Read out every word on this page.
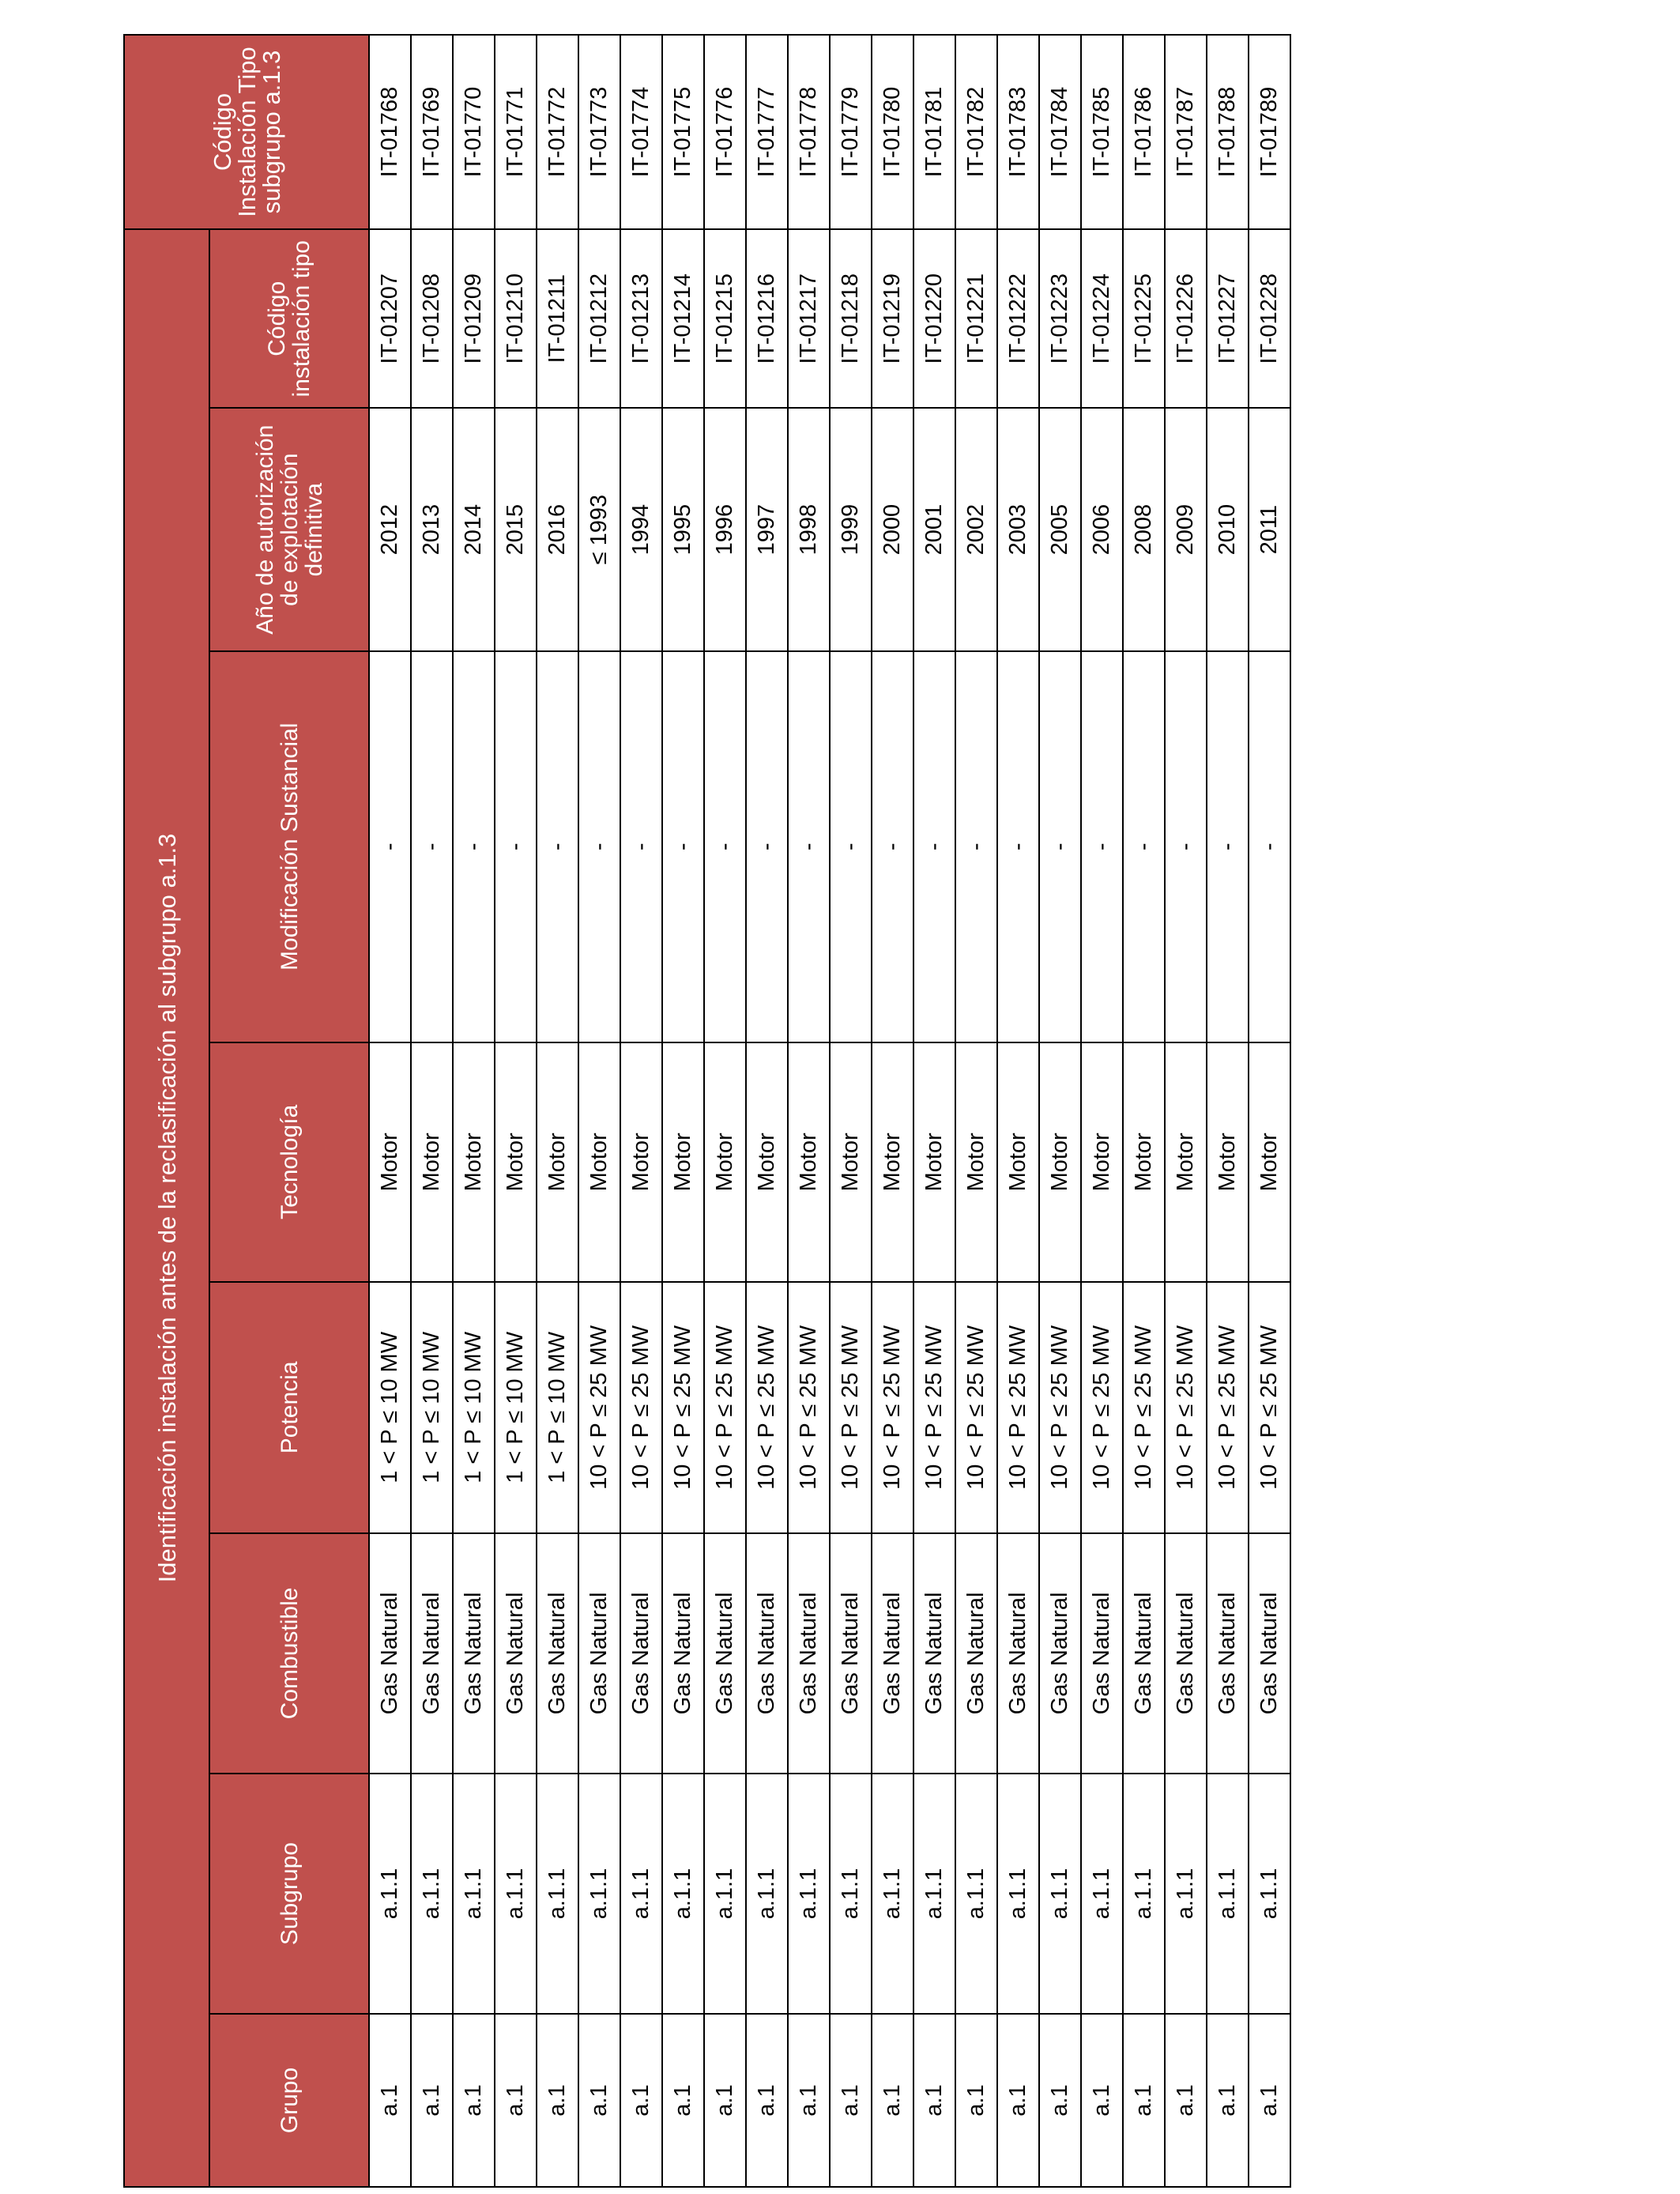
Identificación instalación antes de la reclasificación al subgrupo a.1.3								Código Instalación Tipo subgrupo a.1.3
Grupo	Subgrupo	Combustible	Potencia	Tecnología	Modificación Sustancial	Año de autorización de explotación definitiva	Código instalación tipo	
a.1	a.1.1	Gas Natural	1 < P ≤ 10 MW	Motor	-	2012	IT-01207	IT-01768
a.1	a.1.1	Gas Natural	1 < P ≤ 10 MW	Motor	-	2013	IT-01208	IT-01769
a.1	a.1.1	Gas Natural	1 < P ≤ 10 MW	Motor	-	2014	IT-01209	IT-01770
a.1	a.1.1	Gas Natural	1 < P ≤ 10 MW	Motor	-	2015	IT-01210	IT-01771
a.1	a.1.1	Gas Natural	1 < P ≤ 10 MW	Motor	-	2016	IT-01211	IT-01772
a.1	a.1.1	Gas Natural	10 < P ≤ 25 MW	Motor	-	≤ 1993	IT-01212	IT-01773
a.1	a.1.1	Gas Natural	10 < P ≤ 25 MW	Motor	-	1994	IT-01213	IT-01774
a.1	a.1.1	Gas Natural	10 < P ≤ 25 MW	Motor	-	1995	IT-01214	IT-01775
a.1	a.1.1	Gas Natural	10 < P ≤ 25 MW	Motor	-	1996	IT-01215	IT-01776
a.1	a.1.1	Gas Natural	10 < P ≤ 25 MW	Motor	-	1997	IT-01216	IT-01777
a.1	a.1.1	Gas Natural	10 < P ≤ 25 MW	Motor	-	1998	IT-01217	IT-01778
a.1	a.1.1	Gas Natural	10 < P ≤ 25 MW	Motor	-	1999	IT-01218	IT-01779
a.1	a.1.1	Gas Natural	10 < P ≤ 25 MW	Motor	-	2000	IT-01219	IT-01780
a.1	a.1.1	Gas Natural	10 < P ≤ 25 MW	Motor	-	2001	IT-01220	IT-01781
a.1	a.1.1	Gas Natural	10 < P ≤ 25 MW	Motor	-	2002	IT-01221	IT-01782
a.1	a.1.1	Gas Natural	10 < P ≤ 25 MW	Motor	-	2003	IT-01222	IT-01783
a.1	a.1.1	Gas Natural	10 < P ≤ 25 MW	Motor	-	2005	IT-01223	IT-01784
a.1	a.1.1	Gas Natural	10 < P ≤ 25 MW	Motor	-	2006	IT-01224	IT-01785
a.1	a.1.1	Gas Natural	10 < P ≤ 25 MW	Motor	-	2008	IT-01225	IT-01786
a.1	a.1.1	Gas Natural	10 < P ≤ 25 MW	Motor	-	2009	IT-01226	IT-01787
a.1	a.1.1	Gas Natural	10 < P ≤ 25 MW	Motor	-	2010	IT-01227	IT-01788
a.1	a.1.1	Gas Natural	10 < P ≤ 25 MW	Motor	-	2011	IT-01228	IT-01789
